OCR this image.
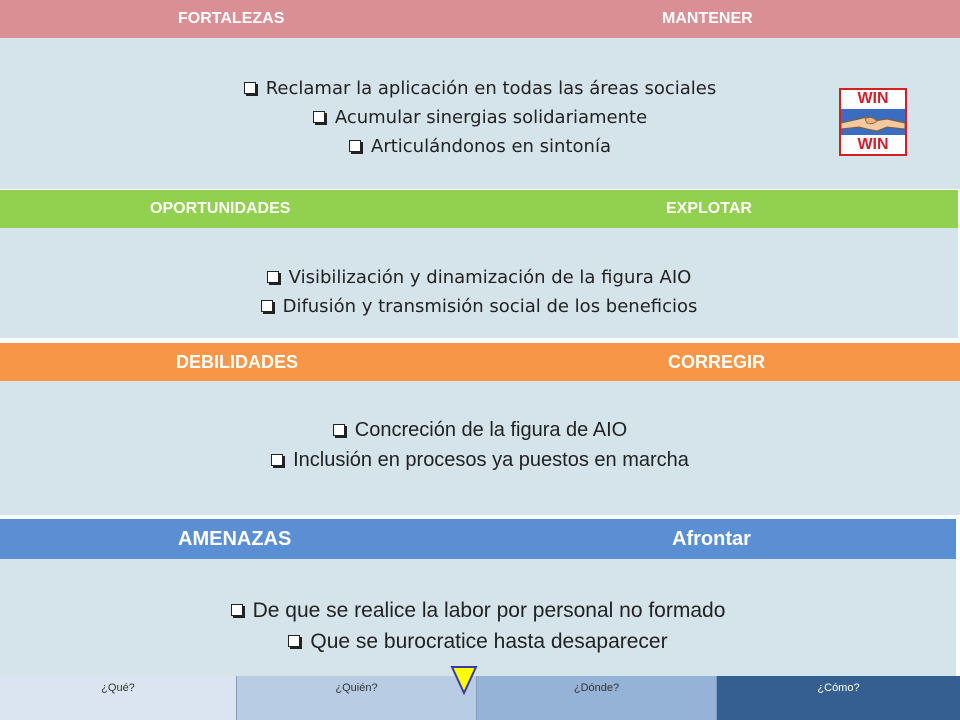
FORTALEZAS	MANTENER
Reclamar la aplicación en todas las áreas sociales
Acumular sinergias solidariamente
Articulándonos en sintonía
WIN
WIN
OPORTUNIDADES	EXPLOTAR
Visibilización y dinamización de la figura AIO
Difusión y transmisión social de los beneficios
DEBILIDADES	CORREGIR
Concreción de la figura de AIO
Inclusión en procesos ya puestos en marcha
AMENAZAS	Afrontar
De que se realice la labor por personal no formado
Que se burocratice hasta desaparecer
¿Qué?	¿Quién?	¿Dónde?	¿Cómo?
